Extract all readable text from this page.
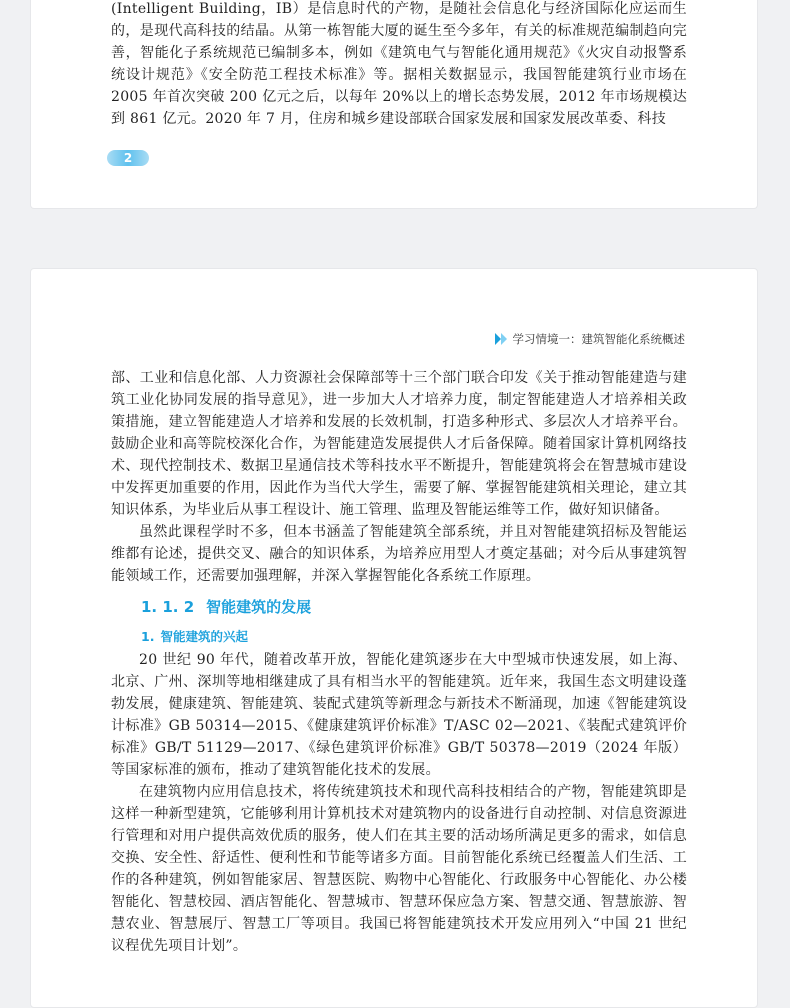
(Intelligent Building，IB）是信息时代的产物，是随社会信息化与经济国际化应运而生的，是现代高科技的结晶。从第一栋智能大厦的诞生至今多年，有关的标准规范编制趋向完善，智能化子系统规范已编制多本，例如《建筑电气与智能化通用规范》《火灾自动报警系统设计规范》《安全防范工程技术标准》等。据相关数据显示，我国智能建筑行业市场在 2005 年首次突破 200 亿元之后，以每年 20%以上的增长态势发展，2012 年市场规模达到 861 亿元。2020 年 7 月，住房和城乡建设部联合国家发展和国家发展改革委、科技

2
学习情境一：建筑智能化系统概述

部、工业和信息化部、人力资源社会保障部等十三个部门联合印发《关于推动智能建造与建筑工业化协同发展的指导意见》，进一步加大人才培养力度，制定智能建造人才培养相关政策措施，建立智能建造人才培养和发展的长效机制，打造多种形式、多层次人才培养平台。鼓励企业和高等院校深化合作，为智能建造发展提供人才后备保障。随着国家计算机网络技术、现代控制技术、数据卫星通信技术等科技水平不断提升，智能建筑将会在智慧城市建设中发挥更加重要的作用，因此作为当代大学生，需要了解、掌握智能建筑相关理论，建立其知识体系，为毕业后从事工程设计、施工管理、监理及智能运维等工作，做好知识储备。

虽然此课程学时不多，但本书涵盖了智能建筑全部系统，并且对智能建筑招标及智能运维都有论述，提供交叉、融合的知识体系，为培养应用型人才奠定基础；对今后从事建筑智能领域工作，还需要加强理解，并深入掌握智能化各系统工作原理。

1. 1. 2 智能建筑的发展
1. 智能建筑的兴起

20 世纪 90 年代，随着改革开放，智能化建筑逐步在大中型城市快速发展，如上海、北京、广州、深圳等地相继建成了具有相当水平的智能建筑。近年来，我国生态文明建设蓬勃发展，健康建筑、智能建筑、装配式建筑等新理念与新技术不断涌现，加速《智能建筑设计标准》GB 50314—2015、《健康建筑评价标准》T/ASC 02—2021、《装配式建筑评价标准》GB/T 51129—2017、《绿色建筑评价标准》GB/T 50378—2019（2024 年版）等国家标准的颁布，推动了建筑智能化技术的发展。

在建筑物内应用信息技术，将传统建筑技术和现代高科技相结合的产物，智能建筑即是这样一种新型建筑，它能够利用计算机技术对建筑物内的设备进行自动控制、对信息资源进行管理和对用户提供高效优质的服务，使人们在其主要的活动场所满足更多的需求，如信息交换、安全性、舒适性、便利性和节能等诸多方面。目前智能化系统已经覆盖人们生活、工作的各种建筑，例如智能家居、智慧医院、购物中心智能化、行政服务中心智能化、办公楼智能化、智慧校园、酒店智能化、智慧城市、智慧环保应急方案、智慧交通、智慧旅游、智慧农业、智慧展厅、智慧工厂等项目。我国已将智能建筑技术开发应用列入“中国 21 世纪议程优先项目计划”。
